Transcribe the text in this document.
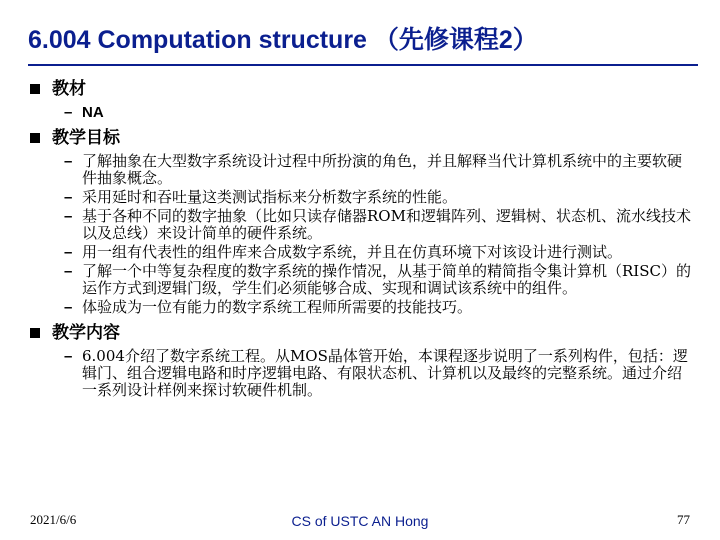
6.004 Computation structure （先修课程2）
教材
– NA
教学目标
– 了解抽象在大型数字系统设计过程中所扮演的角色，并且解释当代计算机系统中的主要软硬件抽象概念。
– 采用延时和吞吐量这类测试指标来分析数字系统的性能。
– 基于各种不同的数字抽象（比如只读存储器ROM和逻辑阵列、逻辑树、状态机、流水线技术以及总线）来设计简单的硬件系统。
– 用一组有代表性的组件库来合成数字系统，并且在仿真环境下对该设计进行测试。
– 了解一个中等复杂程度的数字系统的操作情况，从基于简单的精简指令集计算机（RISC）的运作方式到逻辑门级，学生们必须能够合成、实现和调试该系统中的组件。
– 体验成为一位有能力的数字系统工程师所需要的技能技巧。
教学内容
– 6.004介绍了数字系统工程。从MOS晶体管开始，本课程逐步说明了一系列构件，包括：逻辑门、组合逻辑电路和时序逻辑电路、有限状态机、计算机以及最终的完整系统。通过介绍一系列设计样例来探讨软硬件机制。
2021/6/6	CS of USTC AN Hong	77
